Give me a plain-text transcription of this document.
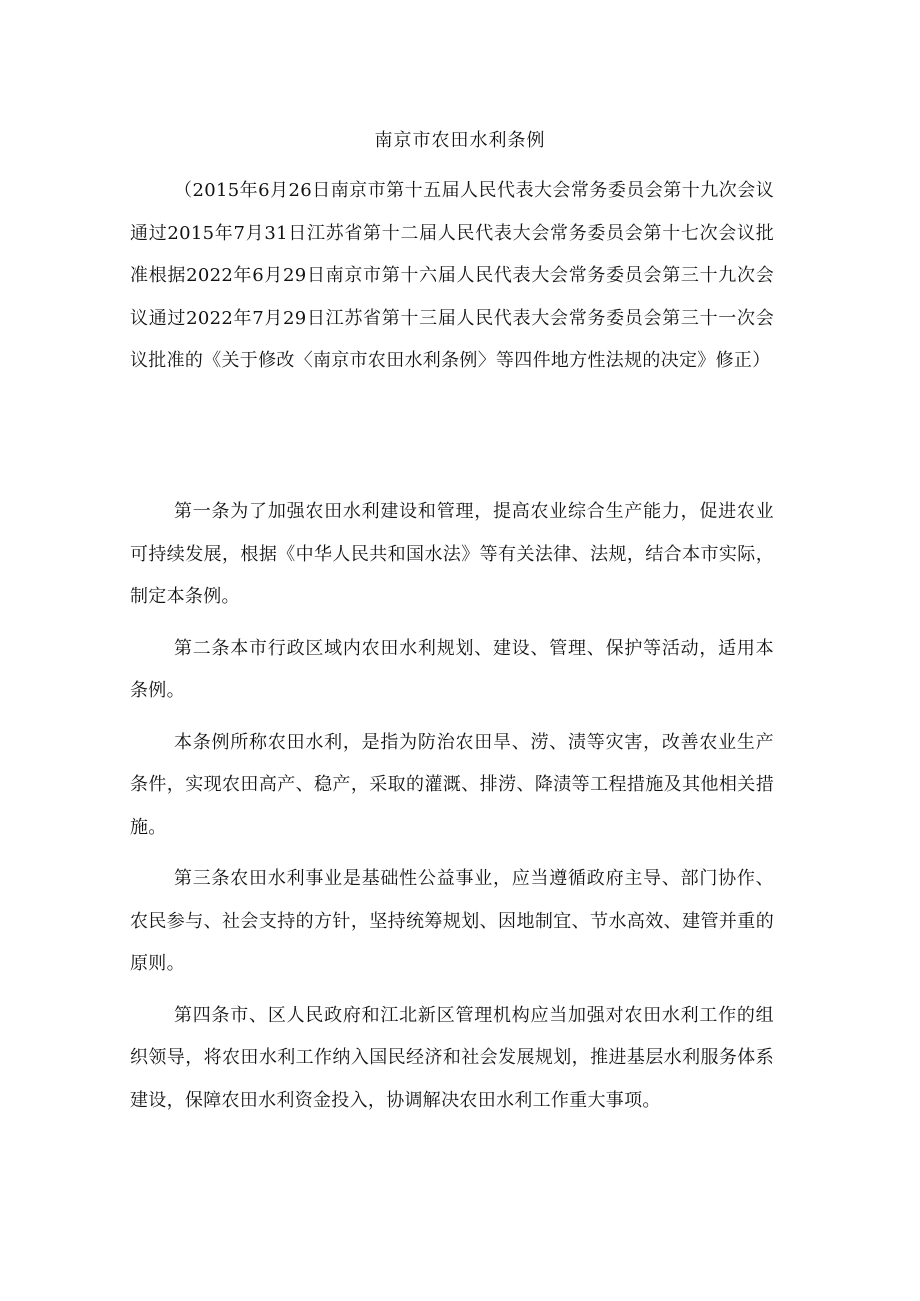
南京市农田水利条例

（2015年6月26日南京市第十五届人民代表大会常务委员会第十九次会议通过2015年7月31日江苏省第十二届人民代表大会常务委员会第十七次会议批准根据2022年6月29日南京市第十六届人民代表大会常务委员会第三十九次会议通过2022年7月29日江苏省第十三届人民代表大会常务委员会第三十一次会议批准的《关于修改〈南京市农田水利条例〉等四件地方性法规的决定》修正）

第一条为了加强农田水利建设和管理，提高农业综合生产能力，促进农业可持续发展，根据《中华人民共和国水法》等有关法律、法规，结合本市实际，制定本条例。

第二条本市行政区域内农田水利规划、建设、管理、保护等活动，适用本条例。

本条例所称农田水利，是指为防治农田旱、涝、渍等灾害，改善农业生产条件，实现农田高产、稳产，采取的灌溉、排涝、降渍等工程措施及其他相关措施。

第三条农田水利事业是基础性公益事业，应当遵循政府主导、部门协作、农民参与、社会支持的方针，坚持统筹规划、因地制宜、节水高效、建管并重的原则。

第四条市、区人民政府和江北新区管理机构应当加强对农田水利工作的组织领导，将农田水利工作纳入国民经济和社会发展规划，推进基层水利服务体系建设，保障农田水利资金投入，协调解决农田水利工作重大事项。
